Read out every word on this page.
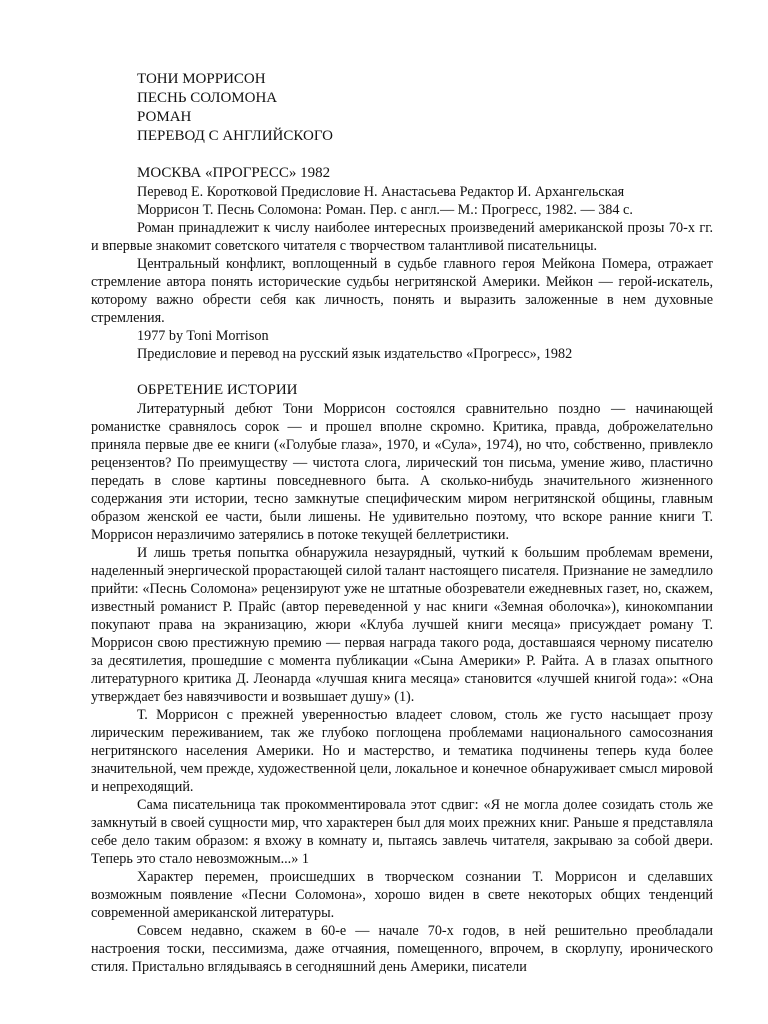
ТОНИ МОРРИСОН
ПЕСНЬ СОЛОМОНА
РОМАН
ПЕРЕВОД С АНГЛИЙСКОГО
МОСКВА «ПРОГРЕСС» 1982
Перевод Е. Коротковой Предисловие Н. Анастасьева Редактор И. Архангельская
Моррисон Т. Песнь Соломона: Роман. Пер. с англ.— М.: Прогресс, 1982. — 384 с.

Роман принадлежит к числу наиболее интересных произведений американской прозы 70-х гг. и впервые знакомит советского читателя с творчеством талантливой писательницы.

Центральный конфликт, воплощенный в судьбе главного героя Мейкона Помера, отражает стремление автора понять исторические судьбы негритянской Америки. Мейкон — герой-искатель, которому важно обрести себя как личность, понять и выразить заложенные в нем духовные стремления.

1977 by Toni Morrison
Предисловие и перевод на русский язык издательство «Прогресс», 1982
ОБРЕТЕНИЕ ИСТОРИИ

Литературный дебют Тони Моррисон состоялся сравнительно поздно — начинающей романистке сравнялось сорок — и прошел вполне скромно. Критика, правда, доброжелательно приняла первые две ее книги («Голубые глаза», 1970, и «Сула», 1974), но что, собственно, привлекло рецензентов? По преимуществу — чистота слога, лирический тон письма, умение живо, пластично передать в слове картины повседневного быта. А сколько-нибудь значительного жизненного содержания эти истории, тесно замкнутые специфическим миром негритянской общины, главным образом женской ее части, были лишены. Не удивительно поэтому, что вскоре ранние книги Т. Моррисон неразличимо затерялись в потоке текущей беллетристики.

И лишь третья попытка обнаружила незаурядный, чуткий к большим проблемам времени, наделенный энергической прорастающей силой талант настоящего писателя. Признание не замедлило прийти: «Песнь Соломона» рецензируют уже не штатные обозреватели ежедневных газет, но, скажем, известный романист Р. Прайс (автор переведенной у нас книги «Земная оболочка»), кинокомпании покупают права на экранизацию, жюри «Клуба лучшей книги месяца» присуждает роману Т. Моррисон свою престижную премию — первая награда такого рода, доставшаяся черному писателю за десятилетия, прошедшие с момента публикации «Сына Америки» Р. Райта. А в глазах опытного литературного критика Д. Леонарда «лучшая книга месяца» становится «лучшей книгой года»: «Она утверждает без навязчивости и возвышает душу» (1).

Т. Моррисон с прежней уверенностью владеет словом, столь же густо насыщает прозу лирическим переживанием, так же глубоко поглощена проблемами национального самосознания негритянского населения Америки. Но и мастерство, и тематика подчинены теперь куда более значительной, чем прежде, художественной цели, локальное и конечное обнаруживает смысл мировой и непреходящий.

Сама писательница так прокомментировала этот сдвиг: «Я не могла долее созидать столь же замкнутый в своей сущности мир, что характерен был для моих прежних книг. Раньше я представляла себе дело таким образом: я вхожу в комнату и, пытаясь завлечь читателя, закрываю за собой двери. Теперь это стало невозможным...» 1

Характер перемен, происшедших в творческом сознании Т. Моррисон и сделавших возможным появление «Песни Соломона», хорошо виден в свете некоторых общих тенденций современной американской литературы.

Совсем недавно, скажем в 60-е — начале 70-х годов, в ней решительно преобладали настроения тоски, пессимизма, даже отчаяния, помещенного, впрочем, в скорлупу, иронического стиля. Пристально вглядываясь в сегодняшний день Америки, писатели
